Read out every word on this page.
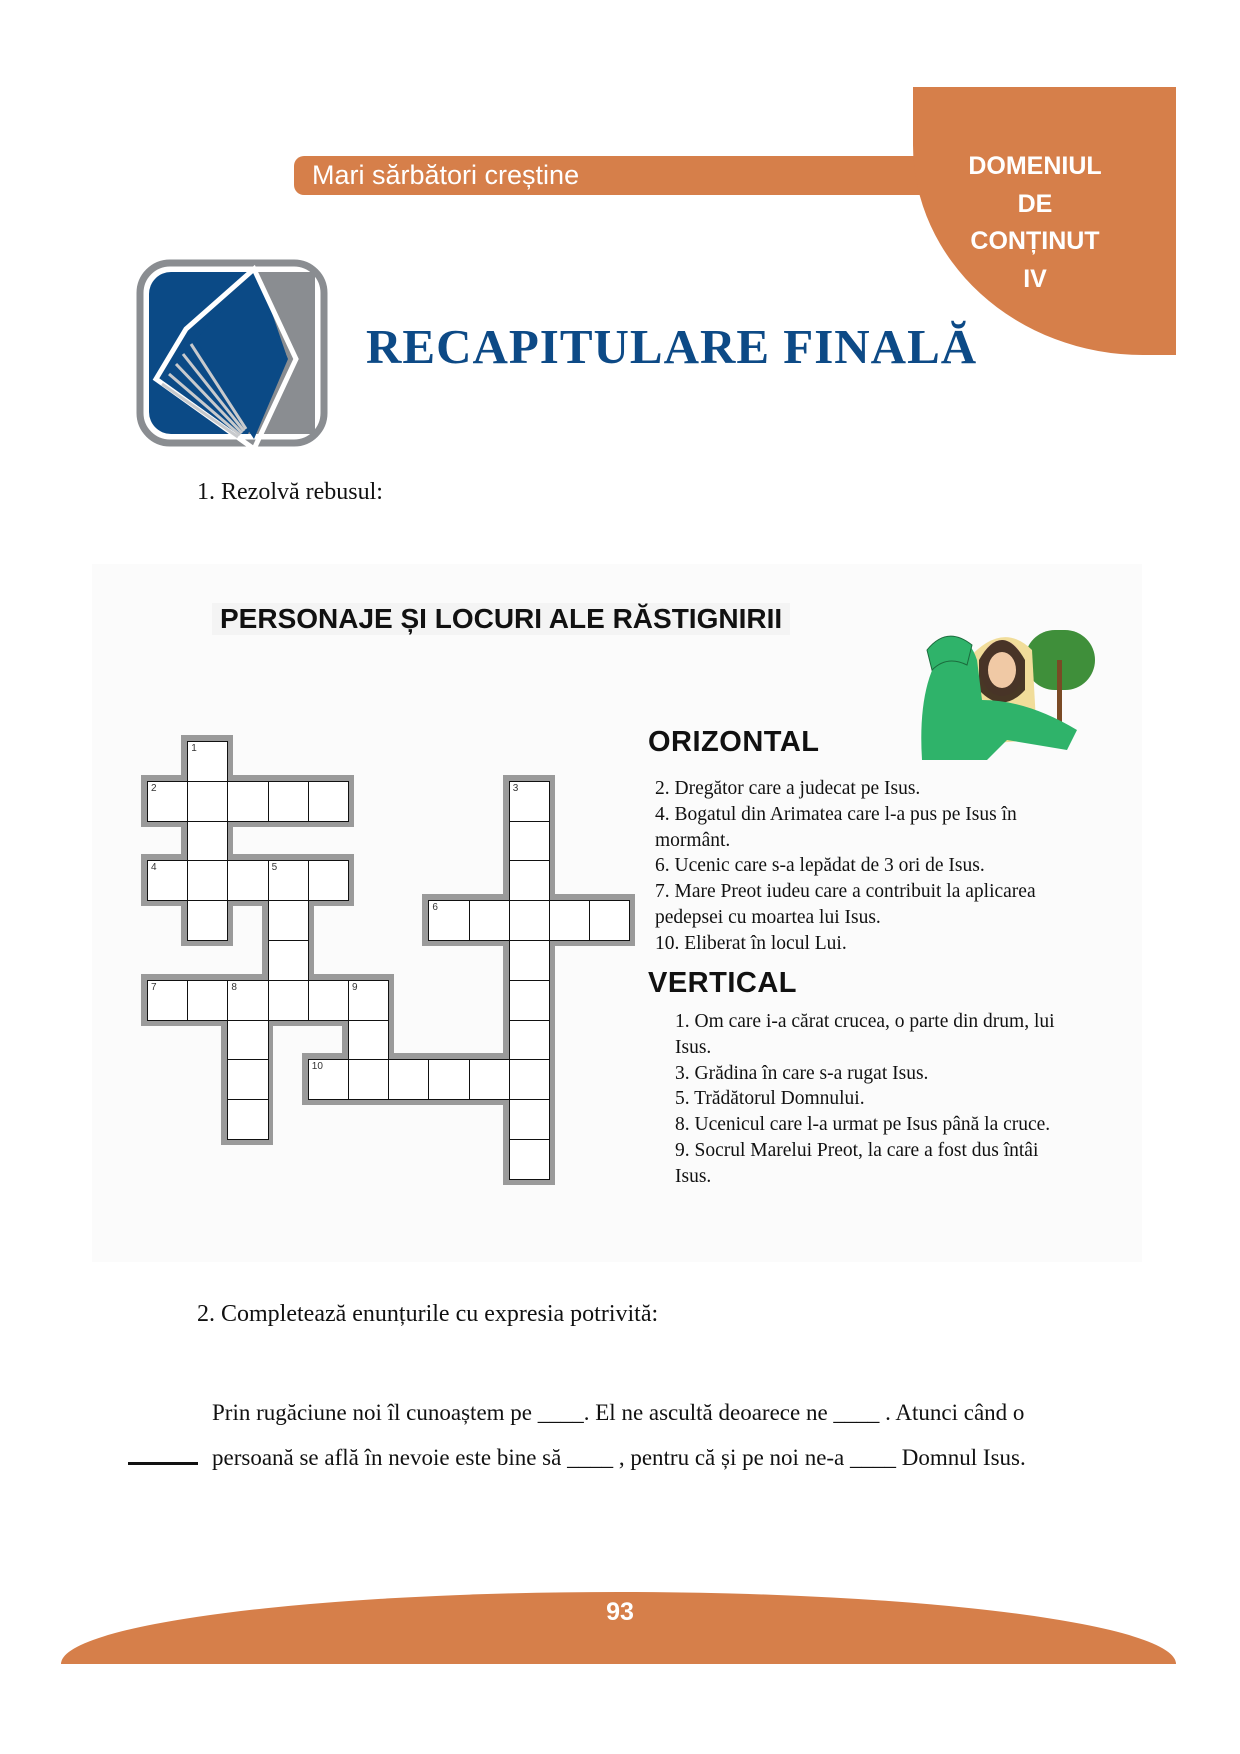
Mari sărbători creștine	DOMENIUL
DE
CONȚINUT
IV
RECAPITULARE FINALĂ
1. Rezolvă rebusul:
PERSONAJE ȘI LOCURI ALE RĂSTIGNIRII
ORIZONTAL

2. Dregător care a judecat pe Isus.

4. Bogatul din Arimatea care l-a pus pe Isus în mormânt.

6. Ucenic care s-a lepădat de 3 ori de Isus.

7. Mare Preot iudeu care a contribuit la aplicarea pedepsei cu moartea lui Isus.

10. Eliberat în locul Lui.

VERTICAL

1. Om care i-a cărat crucea, o parte din drum, lui Isus.

3. Grădina în care s-a rugat Isus.

5. Trădătorul Domnului.

8. Ucenicul care l-a urmat pe Isus până la cruce.

9. Socrul Marelui Preot, la care a fost dus întâi Isus.

1
2	3
4	5
6
7	8	9
10
2. Completează enunțurile cu expresia potrivită:
Prin rugăciune noi îl cunoaștem pe ____. El ne ascultă deoarece ne ____ . Atunci când o persoană se află în nevoie este bine să ____ , pentru că și pe noi ne-a ____ Domnul Isus.
93
